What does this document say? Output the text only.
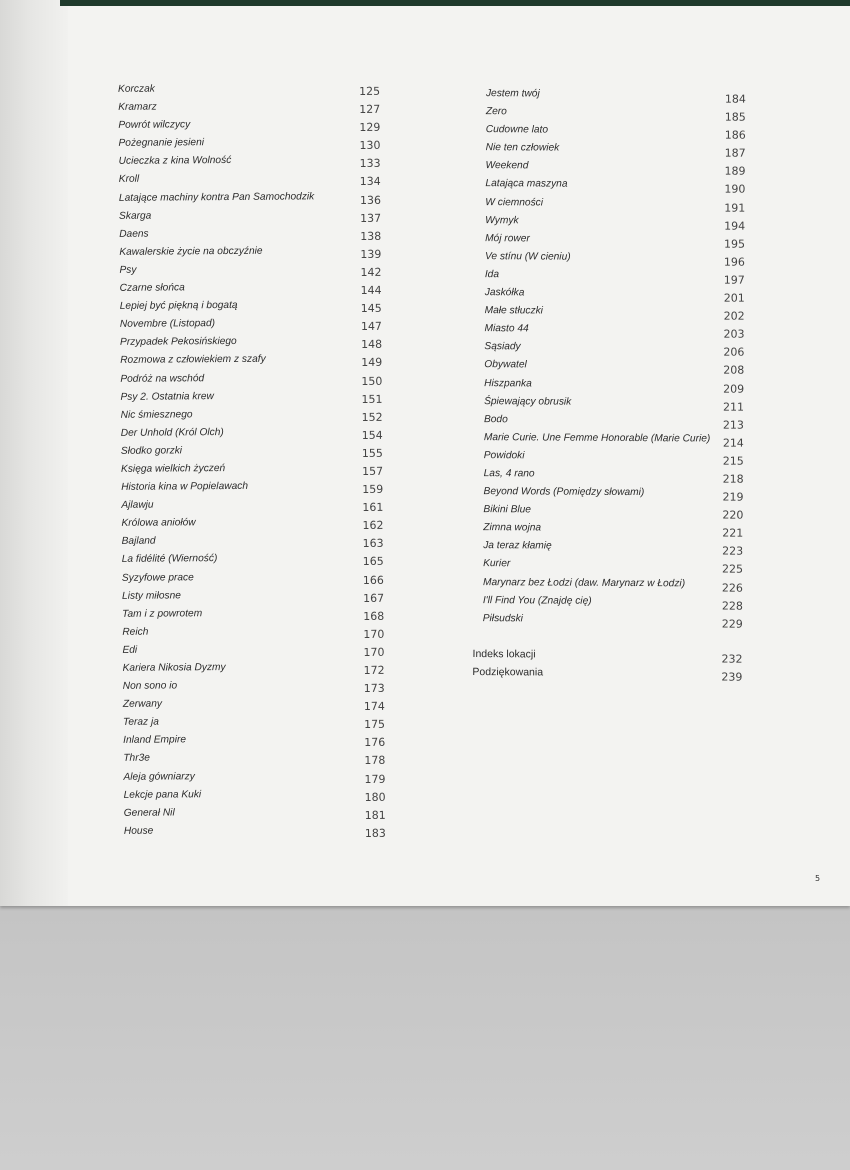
Korczak	125
Kramarz	127
Powrót wilczycy	129
Pożegnanie jesieni	130
Ucieczka z kina Wolność	133
Kroll	134
Latające machiny kontra Pan Samochodzik	136
Skarga	137
Daens	138
Kawalerskie życie na obczyźnie	139
Psy	142
Czarne słońca	144
Lepiej być piękną i bogatą	145
Novembre (Listopad)	147
Przypadek Pekosińskiego	148
Rozmowa z człowiekiem z szafy	149
Podróż na wschód	150
Psy 2. Ostatnia krew	151
Nic śmiesznego	152
Der Unhold (Król Olch)	154
Słodko gorzki	155
Księga wielkich życzeń	157
Historia kina w Popielawach	159
Ajlawju	161
Królowa aniołów	162
Bajland	163
La fidélité (Wierność)	165
Syzyfowe prace	166
Listy miłosne	167
Tam i z powrotem	168
Reich	170
Edi	170
Kariera Nikosia Dyzmy	172
Non sono io	173
Zerwany	174
Teraz ja	175
Inland Empire	176
Thr3e	178
Aleja gówniarzy	179
Lekcje pana Kuki	180
Generał Nil	181
House	183
Jestem twój	184
Zero	185
Cudowne lato	186
Nie ten człowiek	187
Weekend	189
Latająca maszyna	190
W ciemności	191
Wymyk	194
Mój rower	195
Ve stínu (W cieniu)	196
Ida	197
Jaskółka	201
Małe stłuczki	202
Miasto 44	203
Sąsiady	206
Obywatel	208
Hiszpanka	209
Śpiewający obrusik	211
Bodo	213
Marie Curie. Une Femme Honorable (Marie Curie) 214
Powidoki	215
Las, 4 rano	218
Beyond Words (Pomiędzy słowami)	219
Bikini Blue	220
Zimna wojna	221
Ja teraz kłamię	223
Kurier	225
Marynarz bez Łodzi (daw. Marynarz w Łodzi)	226
I'll Find You (Znajdę cię)	228
Piłsudski	229
Indeks lokacji	232
Podziękowania	239
5
